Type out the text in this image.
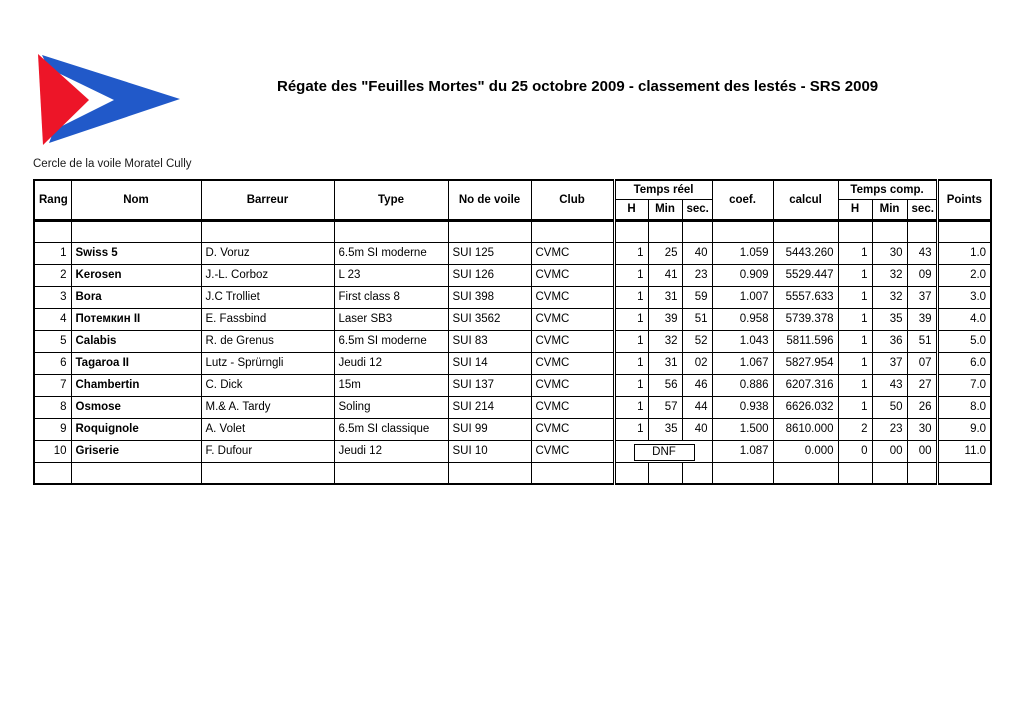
Cercle de la voile Moratel Cully
Régate des "Feuilles Mortes" du 25 octobre 2009 - classement des lestés - SRS 2009
Rang	Nom	Barreur	Type	No de voile	Club	Temps réel			coef.	calcul	Temps comp.			Points
						H	Min	sec.			H	Min	sec.	

1	Swiss 5	D. Voruz	6.5m SI moderne	SUI 125	CVMC	1	25	40	1.059	5443.260	1	30	43	1.0
2	Kerosen	J.-L. Corboz	L 23	SUI 126	CVMC	1	41	23	0.909	5529.447	1	32	09	2.0
3	Bora	J.C Trolliet	First class 8	SUI 398	CVMC	1	31	59	1.007	5557.633	1	32	37	3.0
4	Потемкин II	E. Fassbind	Laser SB3	SUI 3562	CVMC	1	39	51	0.958	5739.378	1	35	39	4.0
5	Calabis	R. de Grenus	6.5m SI moderne	SUI 83	CVMC	1	32	52	1.043	5811.596	1	36	51	5.0
6	Tagaroa II	Lutz - Sprürngli	Jeudi 12	SUI 14	CVMC	1	31	02	1.067	5827.954	1	37	07	6.0
7	Chambertin	C. Dick	15m	SUI 137	CVMC	1	56	46	0.886	6207.316	1	43	27	7.0
8	Osmose	M.& A. Tardy	Soling	SUI 214	CVMC	1	57	44	0.938	6626.032	1	50	26	8.0
9	Roquignole	A. Volet	6.5m SI classique	SUI 99	CVMC	1	35	40	1.500	8610.000	2	23	30	9.0
10	Griserie	F. Dufour	Jeudi 12	SUI 10	CVMC	DNF			1.087	0.000	0	00	00	11.0
